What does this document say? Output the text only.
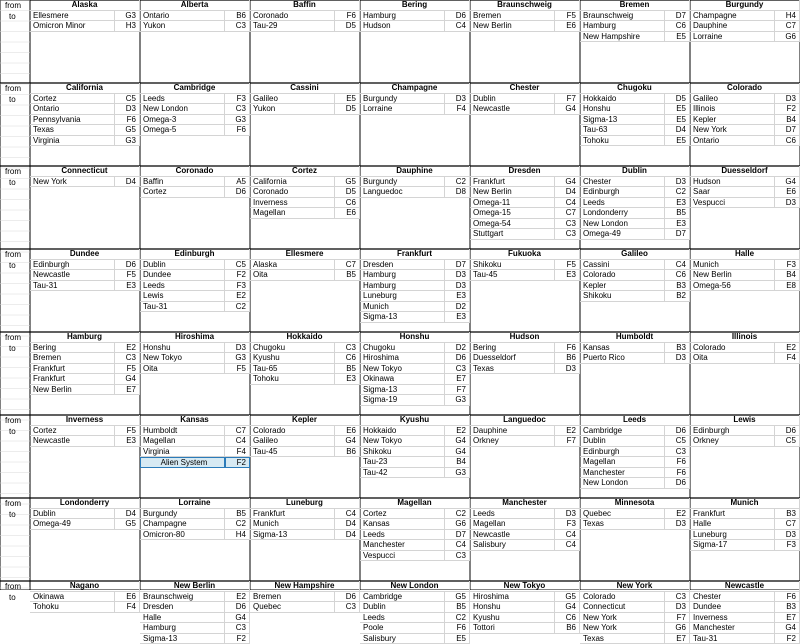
from
to
Alaska
Ellesmere	G3
Omicron Minor	H3
Alberta
Ontario	B6
Yukon	C3
Baffin
Coronado	F6
Tau-29	D5
Bering
Hamburg	D6
Hudson	C4
Braunschweig
Bremen	F5
New Berlin	E6
Bremen
Braunschweig	D7
Hamburg	C6
New Hampshire	E5
Burgundy
Champagne	H4
Dauphine	C7
Lorraine	G6
from
to
California
Cortez	C5
Ontario	D3
Pennsylvania	F6
Texas	G5
Virginia	G3
Cambridge
Leeds	F3
New London	C3
Omega-3	G3
Omega-5	F6
Cassini
Galileo	E5
Yukon	D5
Champagne
Burgundy	D3
Lorraine	F4
Chester
Dublin	F7
Newcastle	G4
Chugoku
Hokkaido	D5
Honshu	E5
Sigma-13	E5
Tau-63	D4
Tohoku	E5
Colorado
Galileo	D3
Illinois	F2
Kepler	B4
New York	D7
Ontario	C6
from
to
Connecticut
New York	D4
Coronado
Baffin	A5
Cortez	D6
Cortez
California	G5
Coronado	D5
Inverness	C6
Magellan	E6
Dauphine
Burgundy	C2
Languedoc	D8
Dresden
Frankfurt	G4
New Berlin	D4
Omega-11	C4
Omega-15	C7
Omega-54	C3
Stuttgart	C3
Dublin
Chester	D3
Edinburgh	C2
Leeds	E3
Londonderry	B5
New London	E3
Omega-49	D7
Duesseldorf
Hudson	G4
Saar	E6
Vespucci	D3
from
to
Dundee
Edinburgh	D6
Newcastle	F5
Tau-31	E3
Edinburgh
Dublin	C5
Dundee	F2
Leeds	F3
Lewis	E2
Tau-31	C2
Ellesmere
Alaska	C7
Oita	B5
Frankfurt
Dresden	D7
Hamburg	D3
Hamburg	D3
Luneburg	E3
Munich	D2
Sigma-13	E3
Fukuoka
Shikoku	F5
Tau-45	E3
Galileo
Cassini	C4
Colorado	C6
Kepler	B3
Shikoku	B2
Halle
Munich	F3
New Berlin	B4
Omega-56	E8
from
to
Hamburg
Bering	E2
Bremen	C3
Frankfurt	F5
Frankfurt	G4
New Berlin	E7
Hiroshima
Honshu	D3
New Tokyo	G3
Oita	F5
Hokkaido
Chugoku	C3
Kyushu	C6
Tau-65	B5
Tohoku	E3
Honshu
Chugoku	D2
Hiroshima	D6
New Tokyo	C3
Okinawa	E7
Sigma-13	F7
Sigma-19	G3
Hudson
Bering	F6
Duesseldorf	B6
Texas	D3
Humboldt
Kansas	B3
Puerto Rico	D3
Illinois
Colorado	E2
Oita	F4
from
to
Inverness
Cortez	F5
Newcastle	E3
Kansas
Humboldt	C7
Magellan	C4
Virginia	F4
Alien System	F2
Kepler
Colorado	E6
Galileo	G4
Tau-45	B6
Kyushu
Hokkaido	E2
New Tokyo	G4
Shikoku	G4
Tau-23	B4
Tau-42	G3
Languedoc
Dauphine	E2
Orkney	F7
Leeds
Cambridge	D6
Dublin	C5
Edinburgh	C3
Magellan	F6
Manchester	F6
New London	D6
Lewis
Edinburgh	D6
Orkney	C5
from
to
Londonderry
Dublin	D4
Omega-49	G5
Lorraine
Burgundy	B5
Champagne	C2
Omicron-80	H4
Luneburg
Frankfurt	C4
Munich	D4
Sigma-13	D4
Magellan
Cortez	C2
Kansas	G6
Leeds	D7
Manchester	C4
Vespucci	C3
Manchester
Leeds	D3
Magellan	F3
Newcastle	C4
Salisbury	C4
Minnesota
Quebec	E2
Texas	D3
Munich
Frankfurt	B3
Halle	C7
Luneburg	D3
Sigma-17	F3
from
to
Nagano
Okinawa	E6
Tohoku	F4
New Berlin
Braunschweig	E2
Dresden	D6
Halle	G4
Hamburg	C3
Sigma-13	F2
New Hampshire
Bremen	D6
Quebec	C3
New London
Cambridge	G5
Dublin	B5
Leeds	C2
Poole	F6
Salisbury	E5
New Tokyo
Hiroshima	G5
Honshu	G4
Kyushu	C6
Tottori	B6
New York
Colorado	C3
Connecticut	D3
New York	F7
New York	G6
Texas	E7
Newcastle
Chester	F6
Dundee	B3
Inverness	E7
Manchester	G4
Tau-31	F2
